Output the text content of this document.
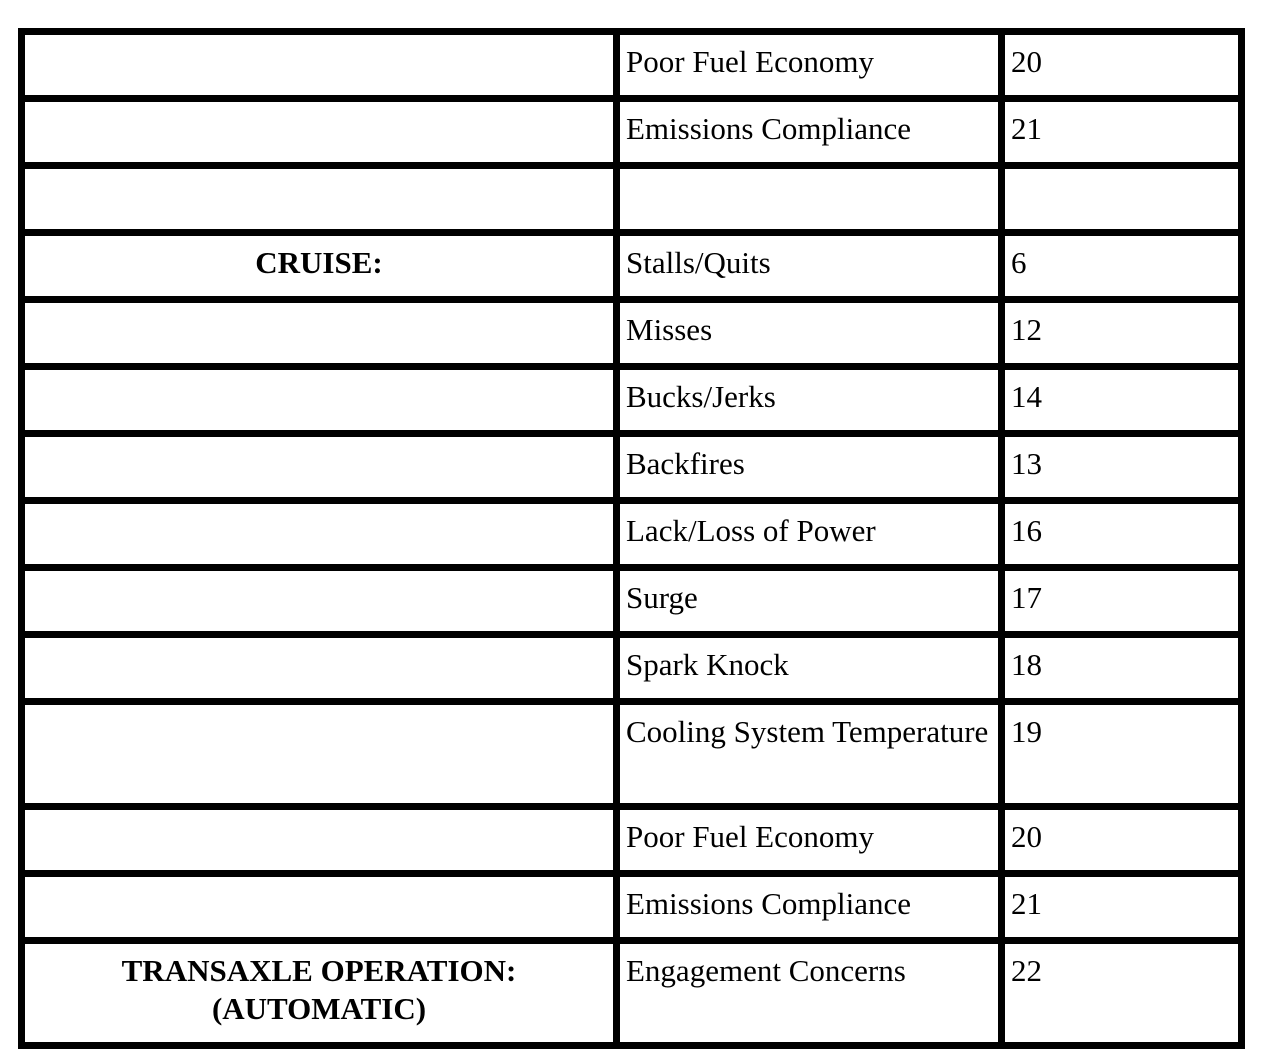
	Poor Fuel Economy	20

	Emissions Compliance	21

CRUISE:	Stalls/Quits	6

	Misses	12

	Bucks/Jerks	14

	Backfires	13

	Lack/Loss of Power	16

	Surge	17

	Spark Knock	18

	Cooling System Temperature	19

	Poor Fuel Economy	20

	Emissions Compliance	21

TRANSAXLE OPERATION: (AUTOMATIC)	Engagement Concerns	22
